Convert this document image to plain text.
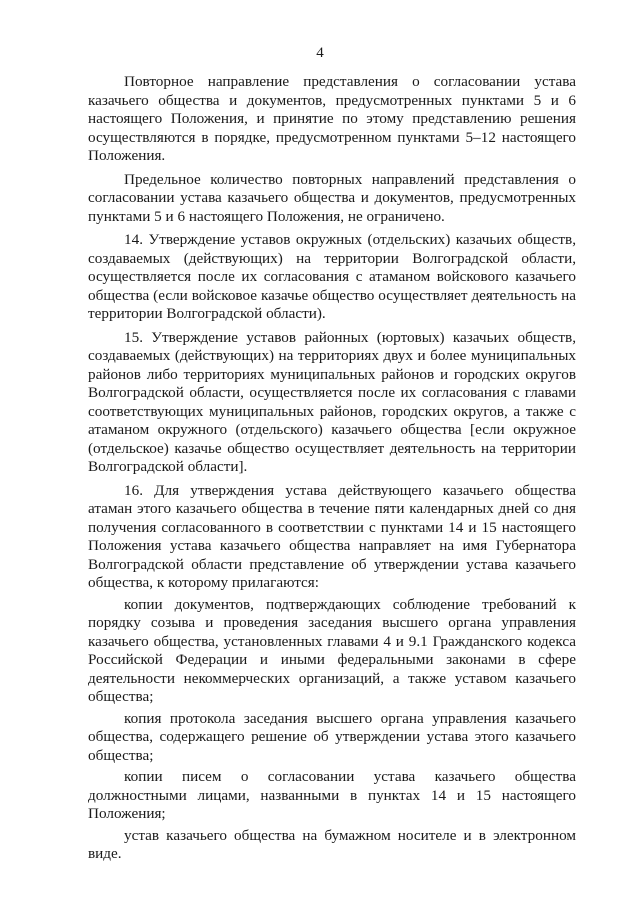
4

Повторное направление представления о согласовании устава казачьего общества и документов, предусмотренных пунктами 5 и 6 настоящего Положения, и принятие по этому представлению решения осуществляются в порядке, предусмотренном пунктами 5–12 настоящего Положения.

Предельное количество повторных направлений представления о согласовании устава казачьего общества и документов, предусмотренных пунктами 5 и 6 настоящего Положения, не ограничено.

14. Утверждение уставов окружных (отдельских) казачьих обществ, создаваемых (действующих) на территории Волгоградской области, осуществляется после их согласования с атаманом войскового казачьего общества (если войсковое казачье общество осуществляет деятельность на территории Волгоградской области).

15. Утверждение уставов районных (юртовых) казачьих обществ, создаваемых (действующих) на территориях двух и более муниципальных районов либо территориях муниципальных районов и городских округов Волгоградской области, осуществляется после их согласования с главами соответствующих муниципальных районов, городских округов, а также с атаманом окружного (отдельского) казачьего общества [если окружное (отдельское) казачье общество осуществляет деятельность на территории Волгоградской области].

16. Для утверждения устава действующего казачьего общества атаман этого казачьего общества в течение пяти календарных дней со дня получения согласованного в соответствии с пунктами 14 и 15 настоящего Положения устава казачьего общества направляет на имя Губернатора Волгоградской области представление об утверждении устава казачьего общества, к которому прилагаются:

копии документов, подтверждающих соблюдение требований к порядку созыва и проведения заседания высшего органа управления казачьего общества, установленных главами 4 и 9.1 Гражданского кодекса Российской Федерации и иными федеральными законами в сфере деятельности некоммерческих организаций, а также уставом казачьего общества;

копия протокола заседания высшего органа управления казачьего общества, содержащего решение об утверждении устава этого казачьего общества;

копии писем о согласовании устава казачьего общества должностными лицами, названными в пунктах 14 и 15 настоящего Положения;

устав казачьего общества на бумажном носителе и в электронном виде.
